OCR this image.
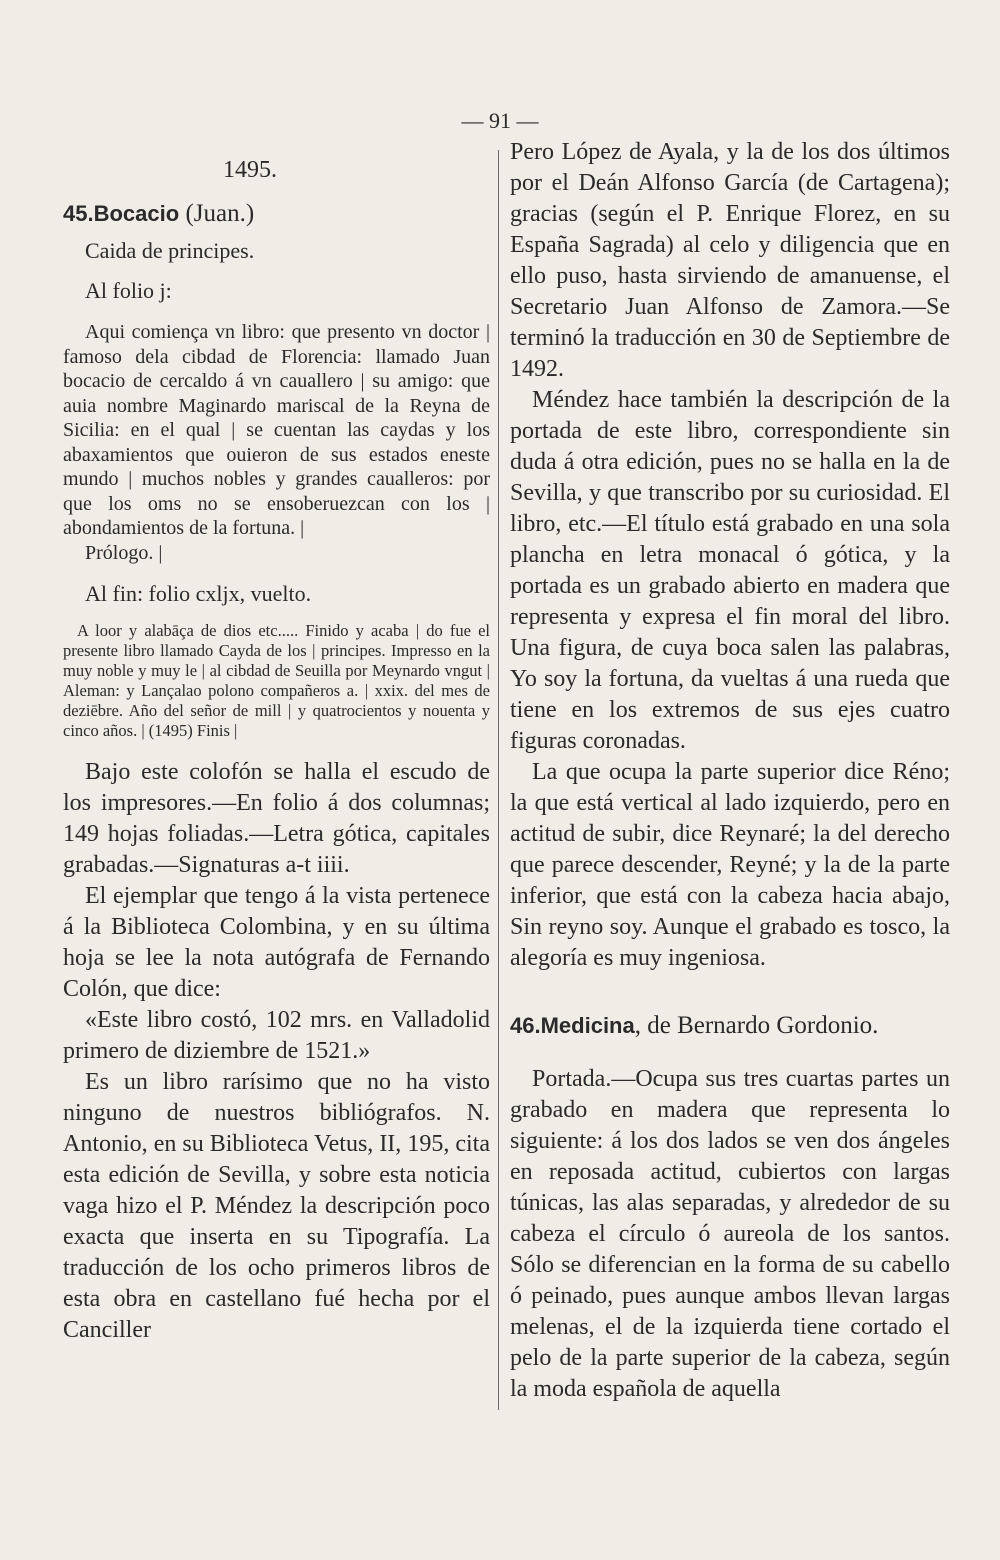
— 91 —

1495.

45.Bocacio (Juan.)

Caida de principes.

Al folio j:

Aqui comiença vn libro: que presento vn doctor | famoso dela cibdad de Florencia: llamado Juan bocacio de cercaldo á vn cauallero | su amigo: que auia nombre Maginardo mariscal de la Reyna de Sicilia: en el qual | se cuentan las caydas y los abaxamientos que ouieron de sus estados eneste mundo | muchos nobles y grandes caualleros: por que los oms no se ensoberuezcan con los | abondamientos de la fortuna. |

Prólogo. |

Al fin: folio cxljx, vuelto.

A loor y alabāça de dios etc..... Finido y acaba | do fue el presente libro llamado Cayda de los | principes. Impresso en la muy noble y muy le | al cibdad de Seuilla por Meynardo vngut | Aleman: y Lançalao polono compañeros a. | xxix. del mes de deziēbre. Año del señor de mill | y quatrocientos y nouenta y cinco años. | (1495) Finis |

Bajo este colofón se halla el escudo de los impresores.—En folio á dos columnas; 149 hojas foliadas.—Letra gótica, capitales grabadas.—Signaturas a-t iiii.

El ejemplar que tengo á la vista pertenece á la Biblioteca Colombina, y en su última hoja se lee la nota autógrafa de Fernando Colón, que dice:

«Este libro costó, 102 mrs. en Valladolid primero de diziembre de 1521.»

Es un libro rarísimo que no ha visto ninguno de nuestros bibliógrafos. N. Antonio, en su Biblioteca Vetus, II, 195, cita esta edición de Sevilla, y sobre esta noticia vaga hizo el P. Méndez la descripción poco exacta que inserta en su Tipografía. La traducción de los ocho primeros libros de esta obra en castellano fué hecha por el Canciller

Pero López de Ayala, y la de los dos últimos por el Deán Alfonso García (de Cartagena); gracias (según el P. Enrique Florez, en su España Sagrada) al celo y diligencia que en ello puso, hasta sirviendo de amanuense, el Secretario Juan Alfonso de Zamora.—Se terminó la traducción en 30 de Septiembre de 1492.

Méndez hace también la descripción de la portada de este libro, correspondiente sin duda á otra edición, pues no se halla en la de Sevilla, y que transcribo por su curiosidad. El libro, etc.—El título está grabado en una sola plancha en letra monacal ó gótica, y la portada es un grabado abierto en madera que representa y expresa el fin moral del libro. Una figura, de cuya boca salen las palabras, Yo soy la fortuna, da vueltas á una rueda que tiene en los extremos de sus ejes cuatro figuras coronadas.

La que ocupa la parte superior dice Réno; la que está vertical al lado izquierdo, pero en actitud de subir, dice Reynaré; la del derecho que parece descender, Reyné; y la de la parte inferior, que está con la cabeza hacia abajo, Sin reyno soy. Aunque el grabado es tosco, la alegoría es muy ingeniosa.

46.Medicina, de Bernardo Gordonio.

Portada.—Ocupa sus tres cuartas partes un grabado en madera que representa lo siguiente: á los dos lados se ven dos ángeles en reposada actitud, cubiertos con largas túnicas, las alas separadas, y alrededor de su cabeza el círculo ó aureola de los santos. Sólo se diferencian en la forma de su cabello ó peinado, pues aunque ambos llevan largas melenas, el de la izquierda tiene cortado el pelo de la parte superior de la cabeza, según la moda española de aquella
